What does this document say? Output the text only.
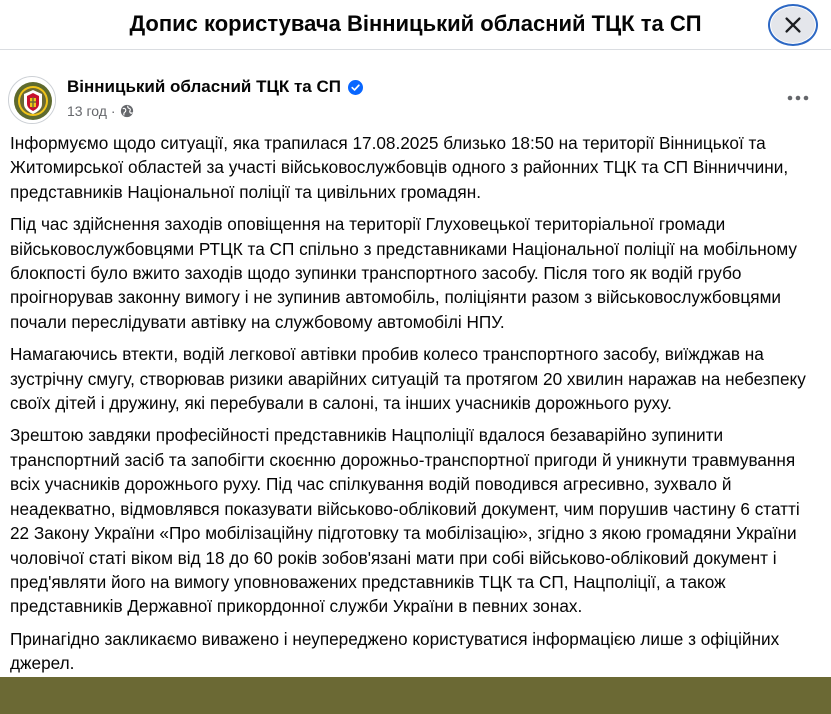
Допис користувача Вінницький обласний ТЦК та СП
Вінницький обласний ТЦК та СП
13 год ·

Інформуємо щодо ситуації, яка трапилася 17.08.2025 близько 18:50 на території Вінницької та Житомирської областей за участі військовослужбовців одного з районних ТЦК та СП Вінниччини, представників Національної поліції та цивільних громадян.

Під час здійснення заходів оповіщення на території Глуховецької територіальної громади військовослужбовцями РТЦК та СП спільно з представниками Національної поліції на мобільному блокпості було вжито заходів щодо зупинки транспортного засобу. Після того як водій грубо проігнорував законну вимогу і не зупинив автомобіль, поліціянти разом з військовослужбовцями почали переслідувати автівку на службовому автомобілі НПУ.

Намагаючись втекти, водій легкової автівки пробив колесо транспортного засобу, виїжджав на зустрічну смугу, створював ризики аварійних ситуацій та протягом 20 хвилин наражав на небезпеку своїх дітей і дружину, які перебували в салоні, та інших учасників дорожнього руху.

Зрештою завдяки професійності представників Нацполіції вдалося безаварійно зупинити транспортний засіб та запобігти скоєнню дорожньо-транспортної пригоди й уникнути травмування всіх учасників дорожнього руху. Під час спілкування водій поводився агресивно, зухвало й неадекватно, відмовлявся показувати військово-обліковий документ, чим порушив частину 6 статті 22 Закону України «Про мобілізаційну підготовку та мобілізацію», згідно з якою громадяни України чоловічої статі віком від 18 до 60 років зобов'язані мати при собі військово-обліковий документ і пред'являти його на вимогу уповноважених представників ТЦК та СП, Нацполіції, а також представників Державної прикордонної служби України в певних зонах.

Принагідно закликаємо виважено і неупереджено користуватися інформацією лише з офіційних джерел.
